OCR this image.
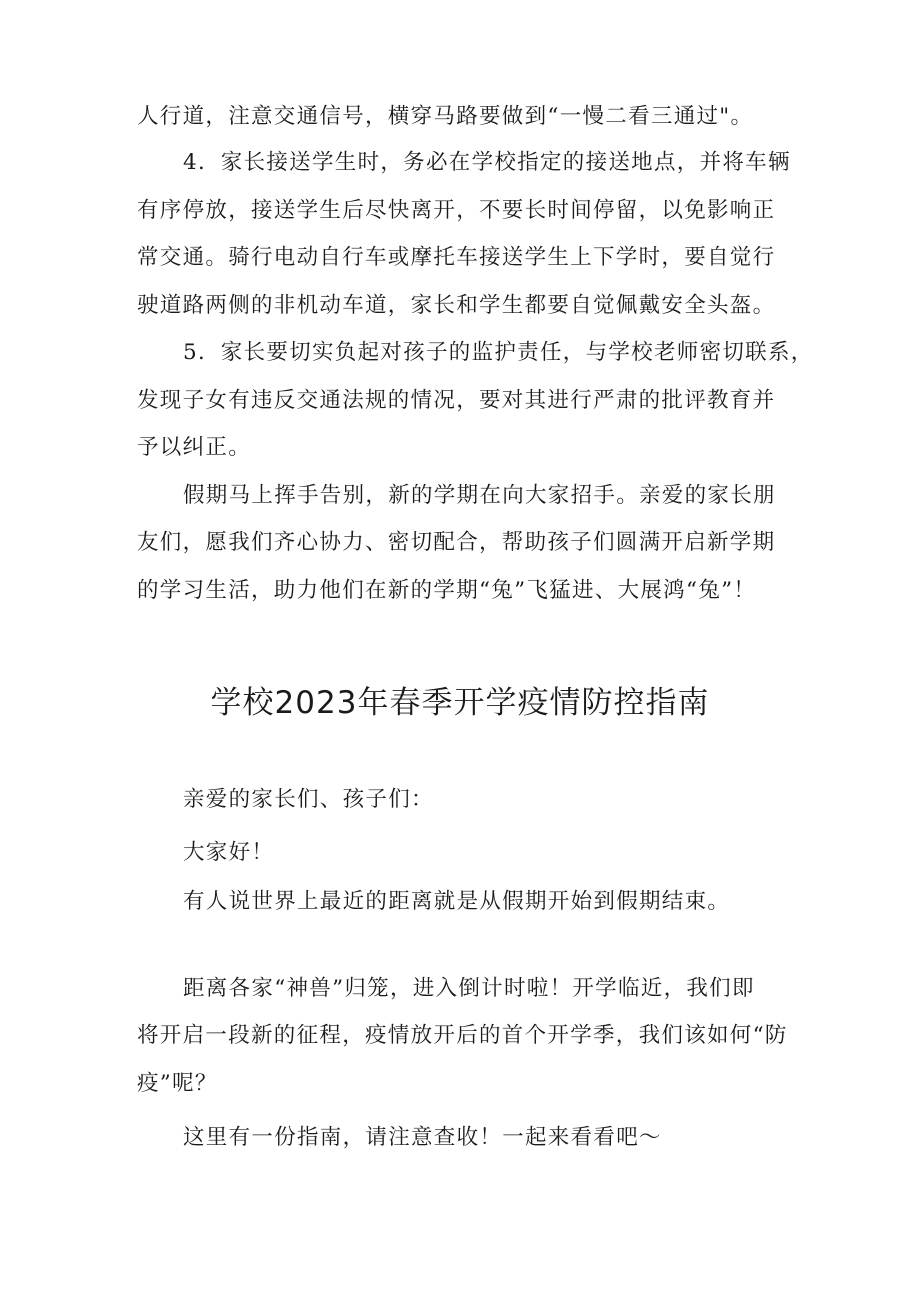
人行道，注意交通信号，横穿马路要做到“一慢二看三通过"。

4．家长接送学生时，务必在学校指定的接送地点，并将车辆

有序停放，接送学生后尽快离开，不要长时间停留，以免影响正

常交通。骑行电动自行车或摩托车接送学生上下学时，要自觉行

驶道路两侧的非机动车道，家长和学生都要自觉佩戴安全头盔。

5．家长要切实负起对孩子的监护责任，与学校老师密切联系，

发现子女有违反交通法规的情况，要对其进行严肃的批评教育并

予以纠正。

假期马上挥手告别，新的学期在向大家招手。亲爱的家长朋

友们，愿我们齐心协力、密切配合，帮助孩子们圆满开启新学期

的学习生活，助力他们在新的学期“兔”飞猛进、大展鸿“兔”！

学校2023年春季开学疫情防控指南

亲爱的家长们、孩子们：

大家好！

有人说世界上最近的距离就是从假期开始到假期结束。

距离各家“神兽”归笼，进入倒计时啦！开学临近，我们即

将开启一段新的征程，疫情放开后的首个开学季，我们该如何“防

疫”呢？

这里有一份指南，请注意查收！一起来看看吧～
